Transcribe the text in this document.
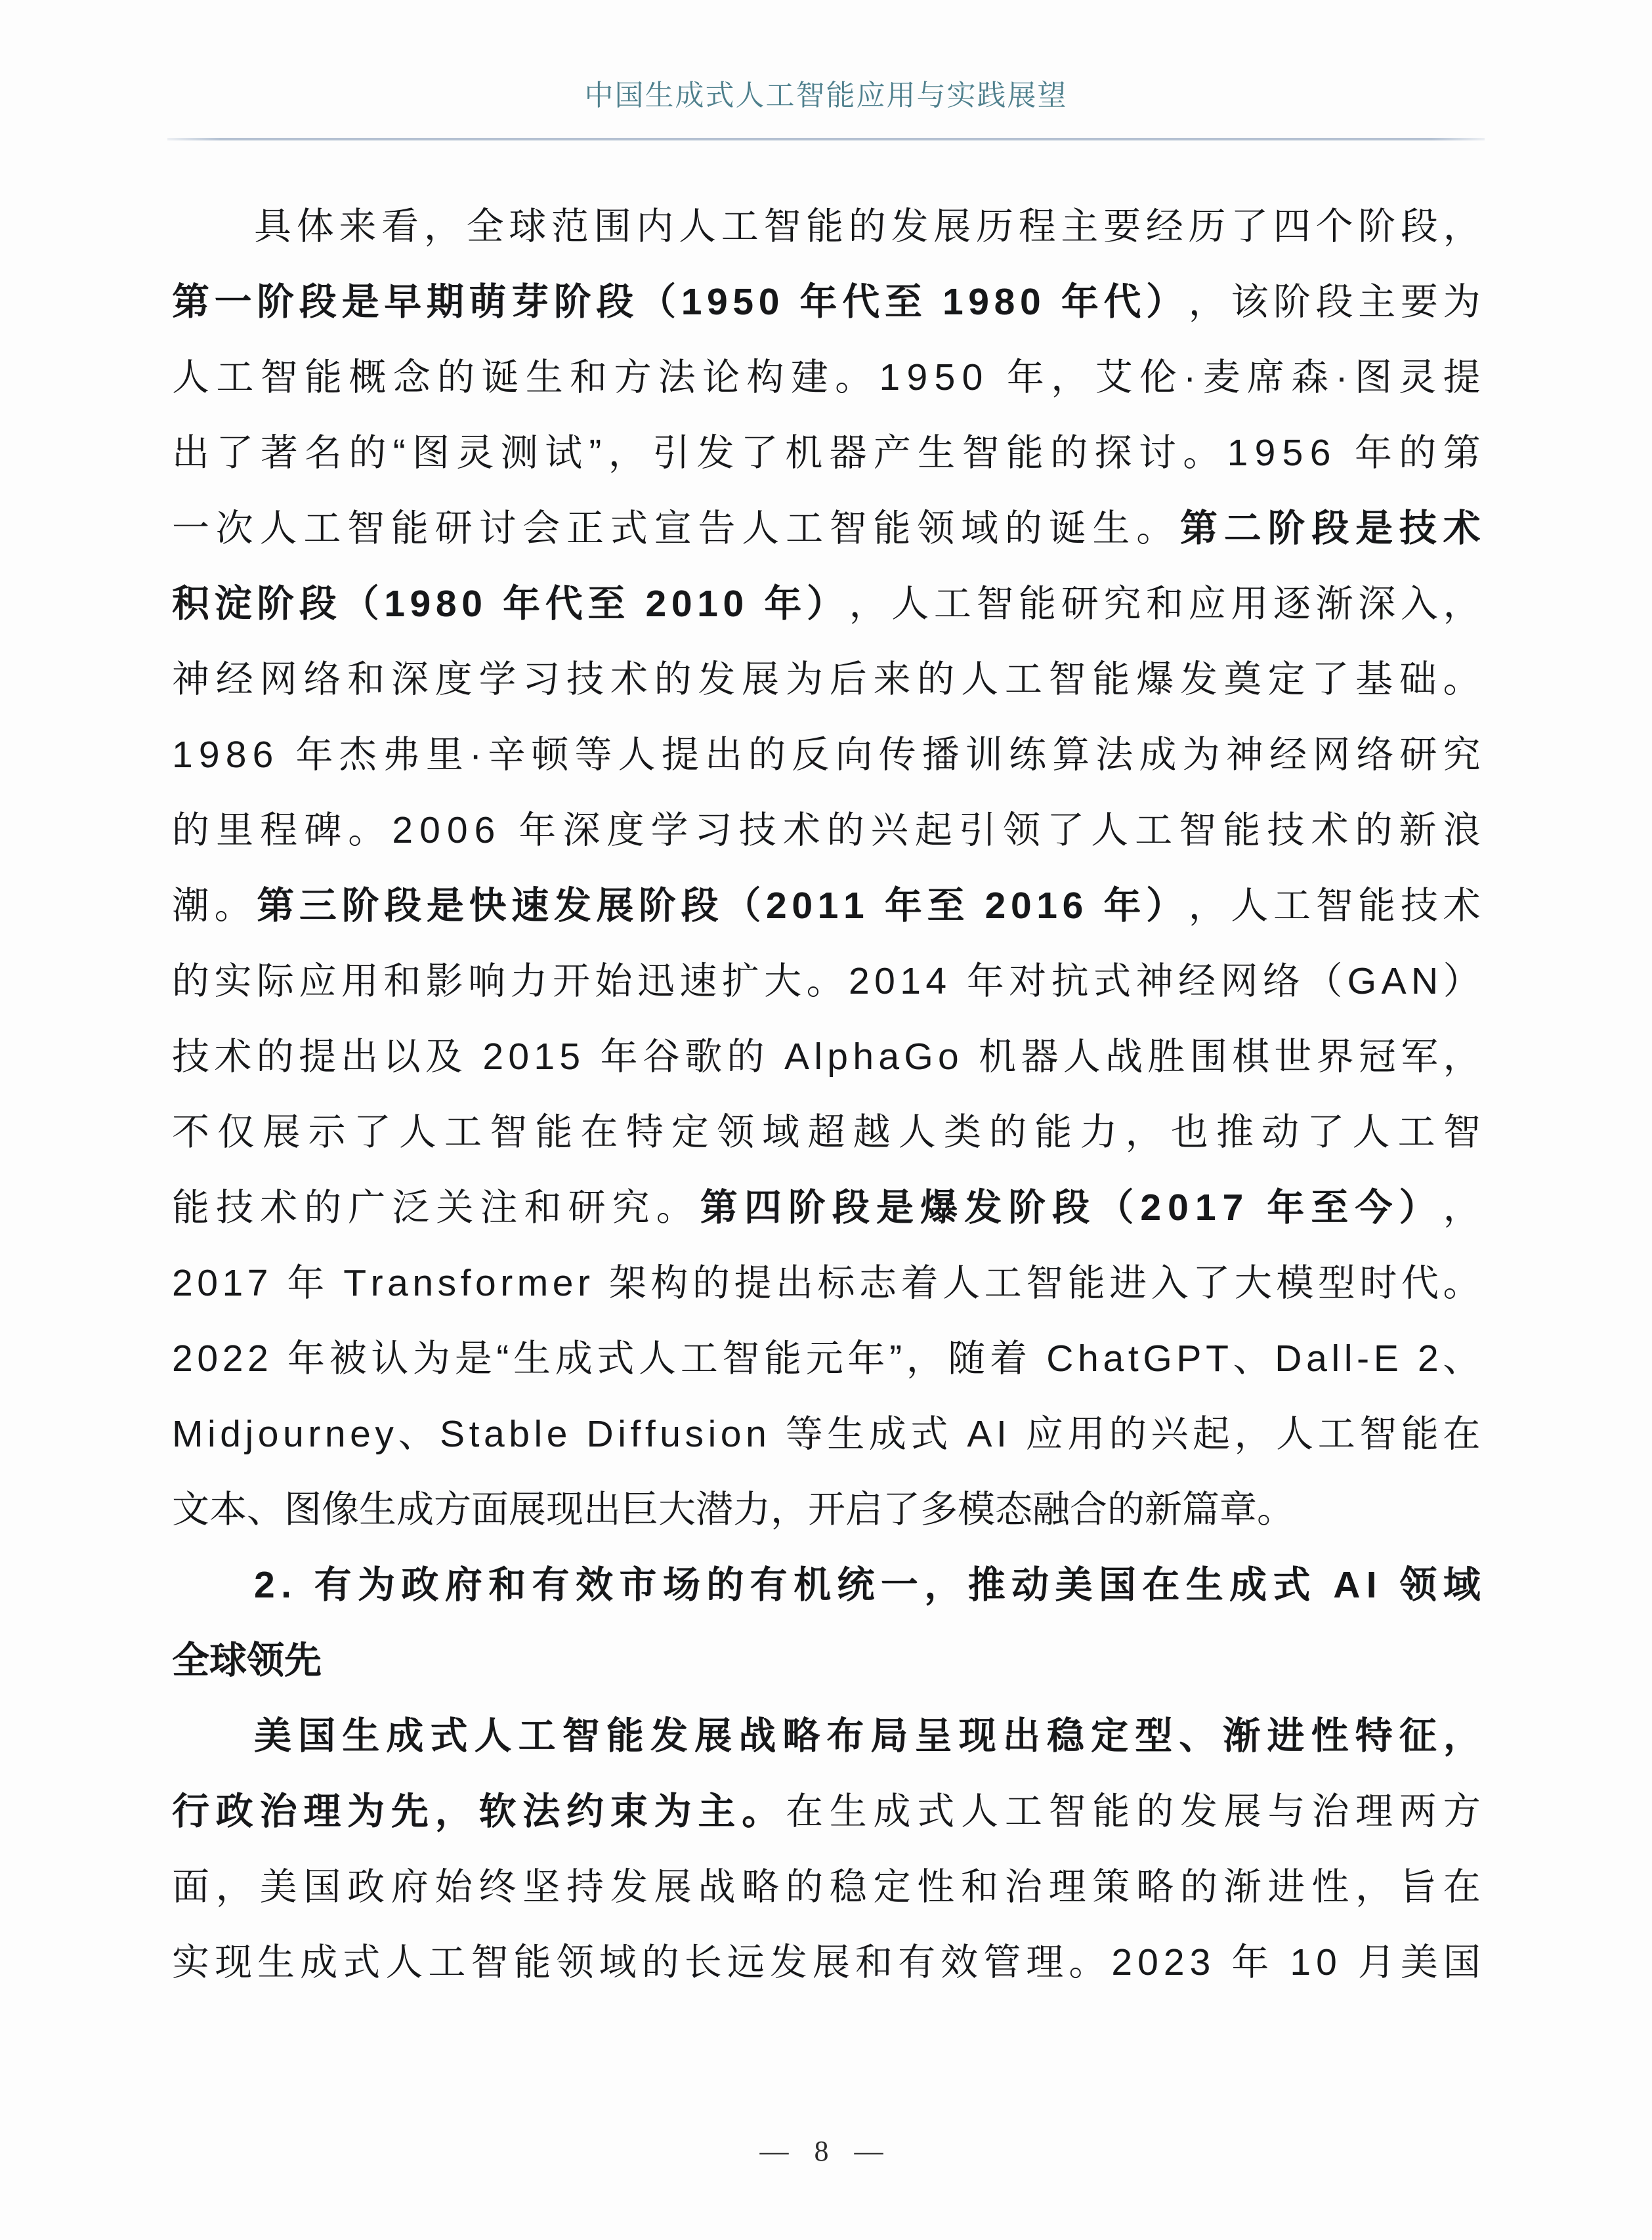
中国生成式人工智能应用与实践展望
具 体 来 看 ， 全 球 范 围 内 人 工 智 能 的 发 展 历 程 主 要 经 历 了 四 个 阶 段 ，
第 一 阶 段 是 早 期 萌 芽 阶 段 （ 1 9 5 0
年 代 至
1 9 8 0
年 代 ） ， 该 阶 段 主 要 为
人 工 智 能 概 念 的 诞 生 和 方 法 论 构 建 。 1 9 5 0
年 ， 艾 伦 · 麦 席 森 · 图 灵 提
出 了 著 名 的 “ 图 灵 测 试 ” ， 引 发 了 机 器 产 生 智 能 的 探 讨 。 1 9 5 6
年 的 第
一 次 人 工 智 能 研 讨 会 正 式 宣 告 人 工 智 能 领 域 的 诞 生 。 第 二 阶 段 是 技 术
积 淀 阶 段 （ 1 9 8 0
年 代 至
2 0 1 0
年 ） ， 人 工 智 能 研 究 和 应 用 逐 渐 深 入 ，
神 经 网 络 和 深 度 学 习 技 术 的 发 展 为 后 来 的 人 工 智 能 爆 发 奠 定 了 基 础 。
1 9 8 6
年 杰 弗 里 · 辛 顿 等 人 提 出 的 反 向 传 播 训 练 算 法 成 为 神 经 网 络 研 究
的 里 程 碑 。 2 0 0 6
年 深 度 学 习 技 术 的 兴 起 引 领 了 人 工 智 能 技 术 的 新 浪
潮 。 第 三 阶 段 是 快 速 发 展 阶 段 （ 2 0 1 1
年 至
2 0 1 6
年 ） ， 人 工 智 能 技 术
的 实 际 应 用 和 影 响 力 开 始 迅 速 扩 大 。 2 0 1 4
年 对 抗 式 神 经 网 络 （ G A N ）
技 术 的 提 出 以 及
2 0 1 5
年 谷 歌 的
A l p h a G o
机 器 人 战 胜 围 棋 世 界 冠 军 ，
不 仅 展 示 了 人 工 智 能 在 特 定 领 域 超 越 人 类 的 能 力 ， 也 推 动 了 人 工 智
能 技 术 的 广 泛 关 注 和 研 究 。 第 四 阶 段 是 爆 发 阶 段 （ 2 0 1 7
年 至 今 ） ，
2 0 1 7
年
T r a n s f o r m e r
架 构 的 提 出 标 志 着 人 工 智 能 进 入 了 大 模 型 时 代 。
2 0 2 2
年 被 认 为 是 “ 生 成 式 人 工 智 能 元 年 ” ， 随 着
C h a t G P T 、 D a l l - E
2 、
M i d j o u r n e y 、 S t a b l e
D i f f u s i o n
等 生 成 式
A I
应 用 的 兴 起 ， 人 工 智 能 在
文本、图像生成方面展现出巨大潜力，开启了多模态融合的新篇章。
2 .
有 为 政 府 和 有 效 市 场 的 有 机 统 一 ， 推 动 美 国 在 生 成 式
A I
领 域
全球领先
美 国 生 成 式 人 工 智 能 发 展 战 略 布 局 呈 现 出 稳 定 型 、 渐 进 性 特 征 ，
行 政 治 理 为 先 ， 软 法 约 束 为 主 。 在 生 成 式 人 工 智 能 的 发 展 与 治 理 两 方
面 ， 美 国 政 府 始 终 坚 持 发 展 战 略 的 稳 定 性 和 治 理 策 略 的 渐 进 性 ， 旨 在
实 现 生 成 式 人 工 智 能 领 域 的 长 远 发 展 和 有 效 管 理 。 2 0 2 3
年
1 0
月 美 国
— 8 —
